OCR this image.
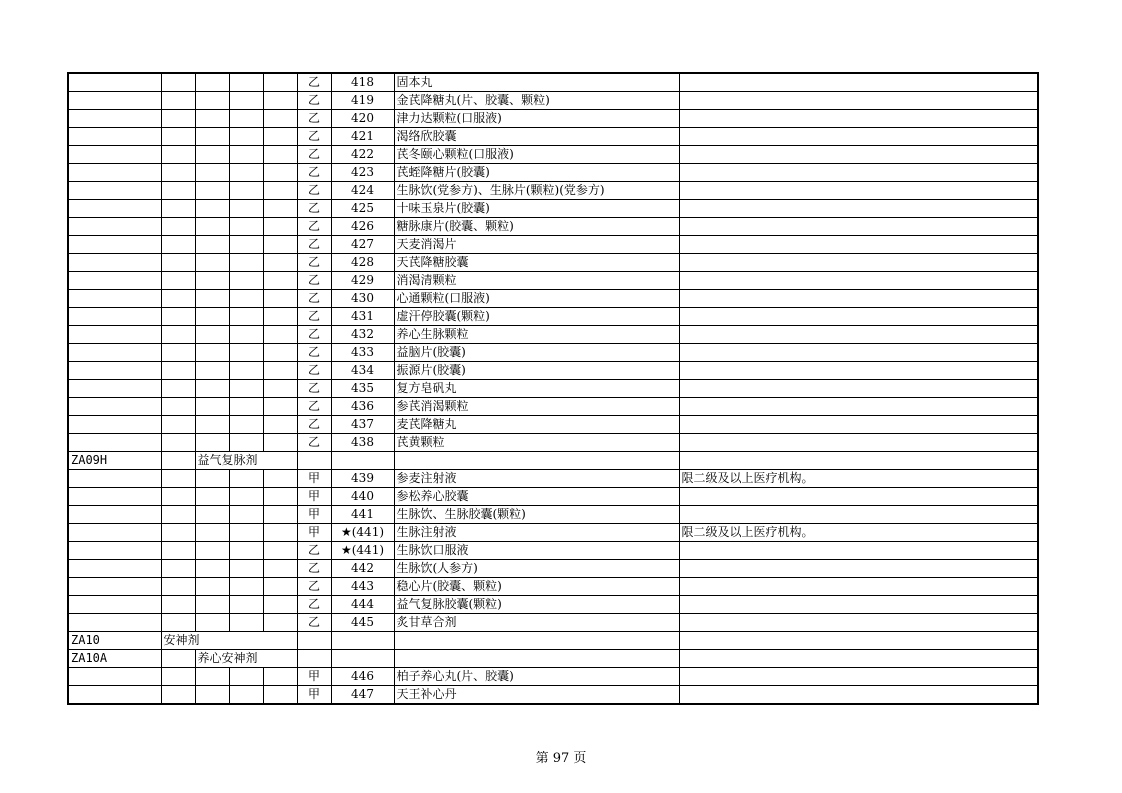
					乙	418	固本丸	
					乙	419	金芪降糖丸(片、胶囊、颗粒)	
					乙	420	津力达颗粒(口服液)	
					乙	421	渴络欣胶囊	
					乙	422	芪冬颐心颗粒(口服液)	
					乙	423	芪蛭降糖片(胶囊)	
					乙	424	生脉饮(党参方)、生脉片(颗粒)(党参方)	
					乙	425	十味玉泉片(胶囊)	
					乙	426	糖脉康片(胶囊、颗粒)	
					乙	427	天麦消渴片	
					乙	428	天芪降糖胶囊	
					乙	429	消渴清颗粒	
					乙	430	心通颗粒(口服液)	
					乙	431	虚汗停胶囊(颗粒)	
					乙	432	养心生脉颗粒	
					乙	433	益脑片(胶囊)	
					乙	434	振源片(胶囊)	
					乙	435	复方皂矾丸	
					乙	436	参芪消渴颗粒	
					乙	437	麦芪降糖丸	
					乙	438	芪黄颗粒	
ZA09H		益气复脉剂						
					甲	439	参麦注射液	限二级及以上医疗机构。
					甲	440	参松养心胶囊	
					甲	441	生脉饮、生脉胶囊(颗粒)	
					甲	★(441)	生脉注射液	限二级及以上医疗机构。
					乙	★(441)	生脉饮口服液	
					乙	442	生脉饮(人参方)	
					乙	443	稳心片(胶囊、颗粒)	
					乙	444	益气复脉胶囊(颗粒)	
					乙	445	炙甘草合剂	
ZA10	安神剂							
ZA10A		养心安神剂						
					甲	446	柏子养心丸(片、胶囊)	
					甲	447	天王补心丹	
第 97 页
